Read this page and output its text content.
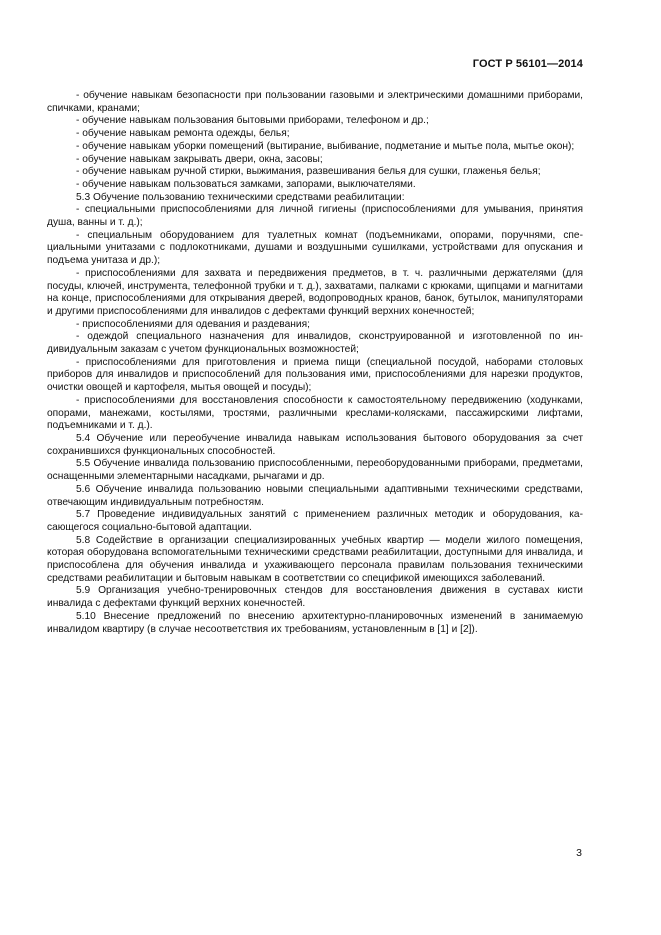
ГОСТ Р 56101—2014

- обучение навыкам безопасности при пользовании газовыми и электрическими домашними приборами, спичками, кранами;

- обучение навыкам пользования бытовыми приборами, телефоном и др.;

- обучение навыкам ремонта одежды, белья;

- обучение навыкам уборки помещений (вытирание, выбивание, подметание и мытье пола, мытье окон);

- обучение навыкам закрывать двери, окна, засовы;

- обучение навыкам ручной стирки, выжимания, развешивания белья для сушки, глаженья белья;

- обучение навыкам пользоваться замками, запорами, выключателями.

5.3 Обучение пользованию техническими средствами реабилитации:

- специальными приспособлениями для личной гигиены (приспособлениями для умывания, принятия душа, ванны и т. д.);

- специальным оборудованием для туалетных комнат (подъемниками, опорами, поручнями, специальными унитазами с подлокотниками, душами и воздушными сушилками, устройствами для опускания и подъема унитаза и др.);

- приспособлениями для захвата и передвижения предметов, в т. ч. различными держателями (для посуды, ключей, инструмента, телефонной трубки и т. д.), захватами, палками с крюками, щипцами и магнитами на конце, приспособлениями для открывания дверей, водопроводных кранов, банок, бутылок, манипуляторами и другими приспособлениями для инвалидов с дефектами функций верхних конечностей;

- приспособлениями для одевания и раздевания;

- одеждой специального назначения для инвалидов, сконструированной и изготовленной по индивидуальным заказам с учетом функциональных возможностей;

- приспособлениями для приготовления и приема пищи (специальной посудой, наборами столовых приборов для инвалидов и приспособлений для пользования ими, приспособлениями для нарезки продуктов, очистки овощей и картофеля, мытья овощей и посуды);

- приспособлениями для восстановления способности к самостоятельному передвижению (ходунками, опорами, манежами, костылями, тростями, различными креслами-колясками, пассажирскими лифтами, подъемниками и т. д.).

5.4 Обучение или переобучение инвалида навыкам использования бытового оборудования за счет сохранившихся функциональных способностей.

5.5 Обучение инвалида пользованию приспособленными, переоборудованными приборами, предметами, оснащенными элементарными насадками, рычагами и др.

5.6 Обучение инвалида пользованию новыми специальными адаптивными техническими средствами, отвечающим индивидуальным потребностям.

5.7 Проведение индивидуальных занятий с применением различных методик и оборудования, касающегося социально-бытовой адаптации.

5.8 Содействие в организации специализированных учебных квартир — модели жилого помещения, которая оборудована вспомогательными техническими средствами реабилитации, доступными для инвалида, и приспособлена для обучения инвалида и ухаживающего персонала правилам пользования техническими средствами реабилитации и бытовым навыкам в соответствии со спецификой имеющихся заболеваний.

5.9 Организация учебно-тренировочных стендов для восстановления движения в суставах кисти инвалида с дефектами функций верхних конечностей.

5.10 Внесение предложений по внесению архитектурно-планировочных изменений в занимаемую инвалидом квартиру (в случае несоответствия их требованиям, установленным в [1] и [2]).

3
